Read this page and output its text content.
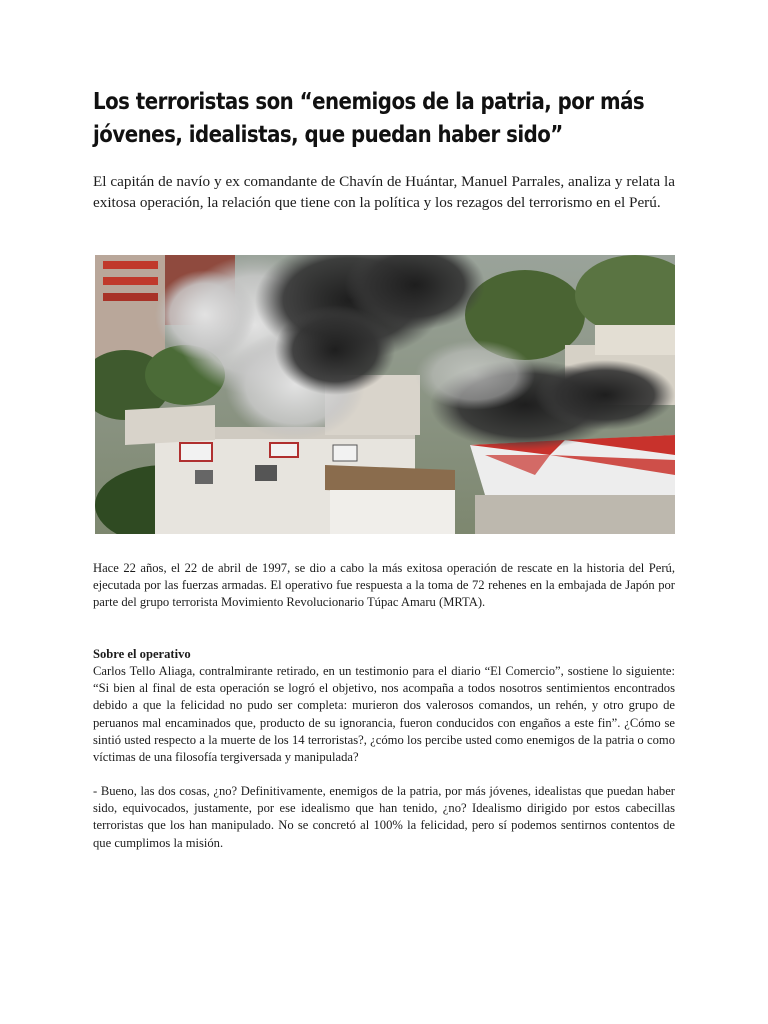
Los terroristas son “enemigos de la patria, por más jóvenes, idealistas, que puedan haber sido”

El capitán de navío y ex comandante de Chavín de Huántar, Manuel Parrales, analiza y relata la exitosa operación, la relación que tiene con la política y los rezagos del terrorismo en el Perú.

Hace 22 años, el 22 de abril de 1997, se dio a cabo la más exitosa operación de rescate en la historia del Perú, ejecutada por las fuerzas armadas. El operativo fue respuesta a la toma de 72 rehenes en la embajada de Japón por parte del grupo terrorista Movimiento Revolucionario Túpac Amaru (MRTA).

Sobre el operativo

Carlos Tello Aliaga, contralmirante retirado, en un testimonio para el diario “El Comercio”, sostiene lo siguiente: “Si bien al final de esta operación se logró el objetivo, nos acompaña a todos nosotros sentimientos encontrados debido a que la felicidad no pudo ser completa: murieron dos valerosos comandos, un rehén, y otro grupo de peruanos mal encaminados que, producto de su ignorancia, fueron conducidos con engaños a este fin”. ¿Cómo se sintió usted respecto a la muerte de los 14 terroristas?, ¿cómo los percibe usted como enemigos de la patria o como víctimas de una filosofía tergiversada y manipulada?

- Bueno, las dos cosas, ¿no? Definitivamente, enemigos de la patria, por más jóvenes, idealistas que puedan haber sido, equivocados, justamente, por ese idealismo que han tenido, ¿no? Idealismo dirigido por estos cabecillas terroristas que los han manipulado. No se concretó al 100% la felicidad, pero sí podemos sentirnos contentos de que cumplimos la misión.
